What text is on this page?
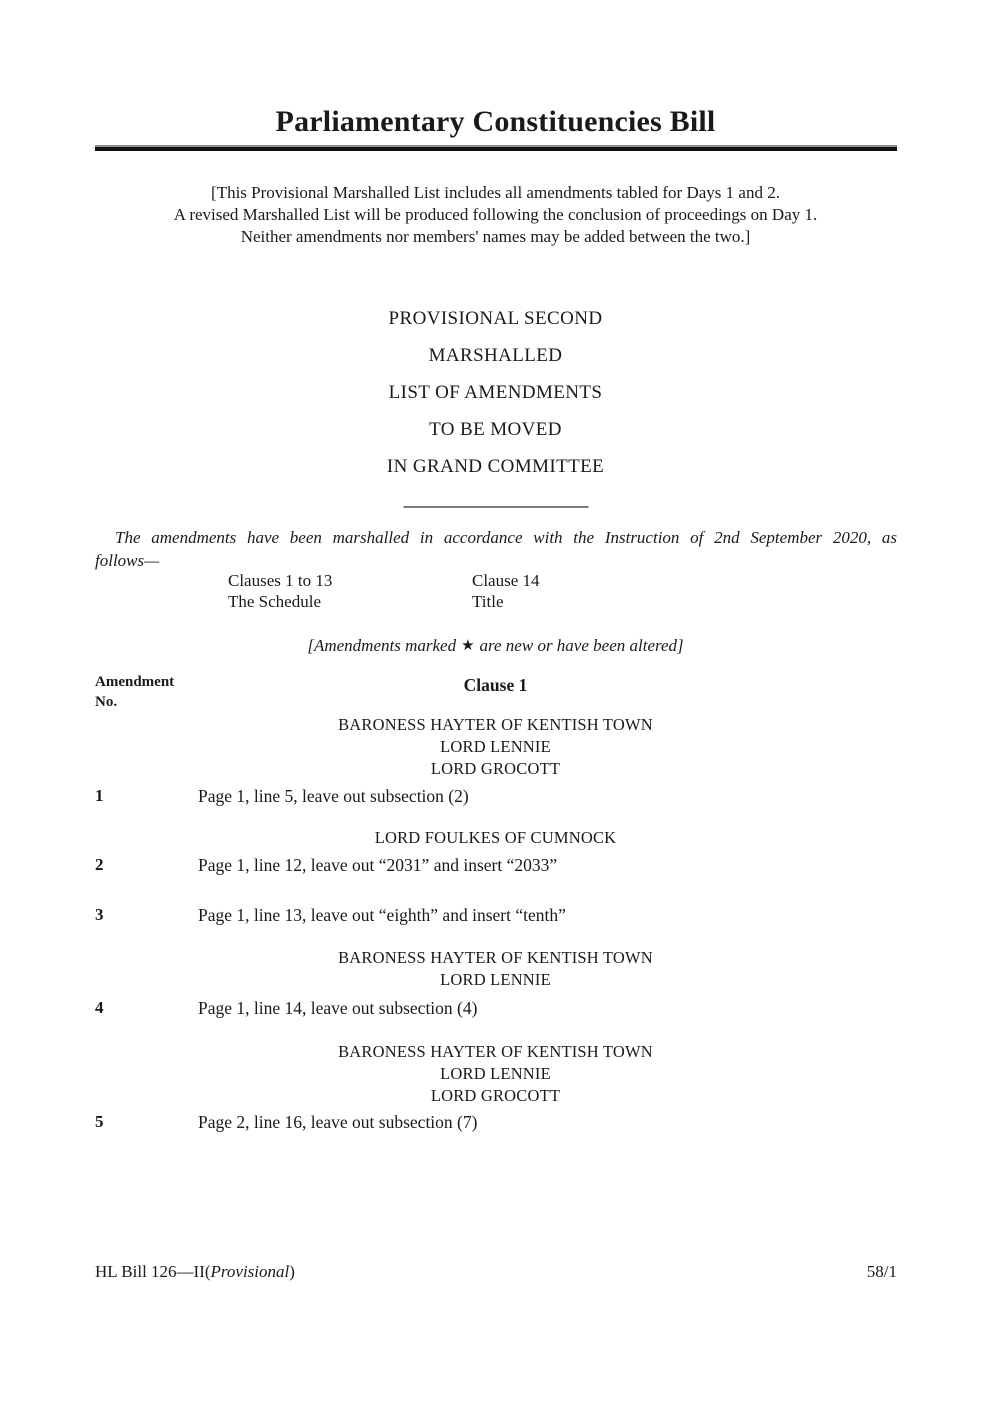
Parliamentary Constituencies Bill
[This Provisional Marshalled List includes all amendments tabled for Days 1 and 2.
A revised Marshalled List will be produced following the conclusion of proceedings on Day 1.
Neither amendments nor members' names may be added between the two.]
PROVISIONAL SECOND
MARSHALLED
LIST OF AMENDMENTS
TO BE MOVED
IN GRAND COMMITTEE
The amendments have been marshalled in accordance with the Instruction of 2nd September 2020, as
follows—
Clauses 1 to 13	Clause 14
The Schedule	Title
[Amendments marked ★ are new or have been altered]
Amendment
No.
Clause 1
BARONESS HAYTER OF KENTISH TOWN
LORD LENNIE
LORD GROCOTT
1	Page 1, line 5, leave out subsection (2)
LORD FOULKES OF CUMNOCK
2	Page 1, line 12, leave out “2031” and insert “2033”
3	Page 1, line 13, leave out “eighth” and insert “tenth”
BARONESS HAYTER OF KENTISH TOWN
LORD LENNIE
4	Page 1, line 14, leave out subsection (4)
BARONESS HAYTER OF KENTISH TOWN
LORD LENNIE
LORD GROCOTT
5	Page 2, line 16, leave out subsection (7)
HL Bill 126—II(Provisional)	58/1
